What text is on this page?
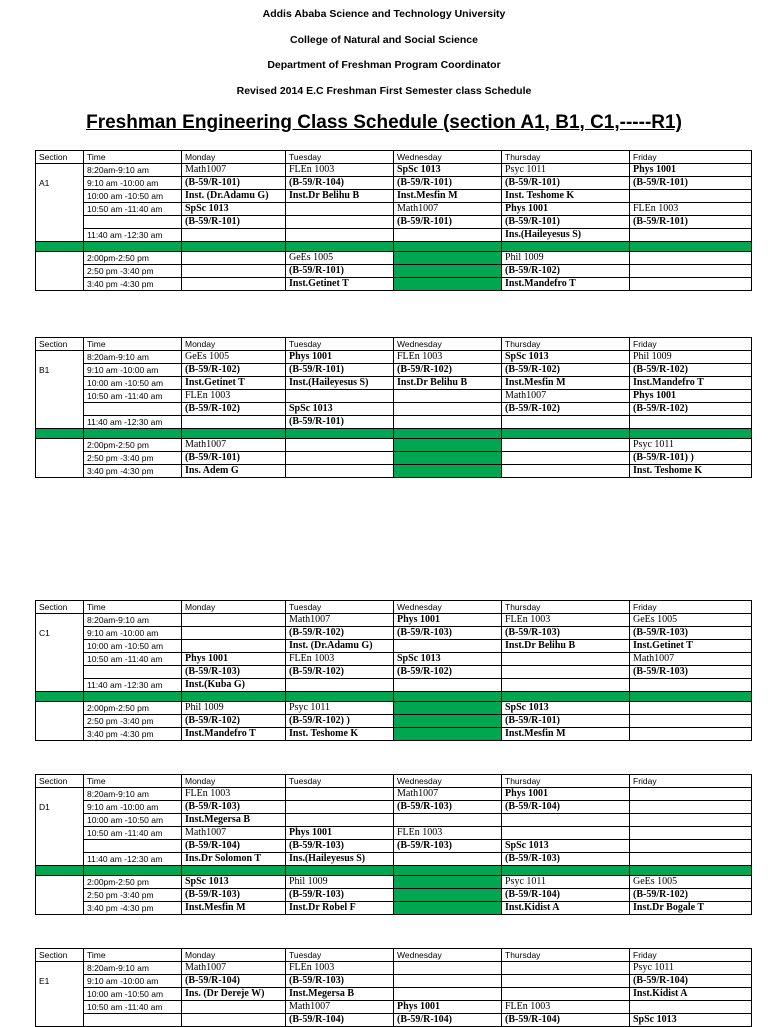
Addis Ababa Science and Technology University
College of Natural and Social Science
Department of Freshman Program Coordinator
Revised 2014 E.C Freshman First Semester class Schedule
Freshman Engineering Class Schedule (section A1, B1, C1,-----R1)
Section	Time	Monday	Tuesday	Wednesday	Thursday	Friday
	8:20am-9:10 am	Math1007	FLEn 1003	SpSc 1013	Psyc 1011	Phys 1001
A1	9:10 am -10:00 am	(B-59/R-101)	(B-59/R-104)	(B-59/R-101)	(B-59/R-101)	(B-59/R-101)
	10:00 am -10:50 am	Inst. (Dr.Adamu G)	Inst.Dr Belihu B	Inst.Mesfin M	Inst. Teshome K	
	10:50 am -11:40 am	SpSc 1013		Math1007	Phys 1001	FLEn 1003
		(B-59/R-101)		(B-59/R-101)	(B-59/R-101)	(B-59/R-101)
	11:40 am -12:30 am				Ins.(Haileyesus S)	

	2:00pm-2:50 pm		GeEs 1005		Phil 1009	
	2:50 pm -3:40 pm		(B-59/R-101)		(B-59/R-102)	
	3:40 pm -4:30 pm		Inst.Getinet T		Inst.Mandefro T	
Section	Time	Monday	Tuesday	Wednesday	Thursday	Friday
	8:20am-9:10 am	GeEs 1005	Phys 1001	FLEn 1003	SpSc 1013	Phil 1009
B1	9:10 am -10:00 am	(B-59/R-102)	(B-59/R-101)	(B-59/R-102)	(B-59/R-102)	(B-59/R-102)
	10:00 am -10:50 am	Inst.Getinet T	Inst.(Haileyesus S)	Inst.Dr Belihu B	Inst.Mesfin M	Inst.Mandefro T
	10:50 am -11:40 am	FLEn 1003			Math1007	Phys 1001
		(B-59/R-102)	SpSc 1013		(B-59/R-102)	(B-59/R-102)
	11:40 am -12:30 am		(B-59/R-101)			

	2:00pm-2:50 pm	Math1007				Psyc 1011
	2:50 pm -3:40 pm	(B-59/R-101)				(B-59/R-101) )
	3:40 pm -4:30 pm	Ins. Adem G				Inst. Teshome K
Section	Time	Monday	Tuesday	Wednesday	Thursday	Friday
	8:20am-9:10 am		Math1007	Phys 1001	FLEn 1003	GeEs 1005
C1	9:10 am -10:00 am		(B-59/R-102)	(B-59/R-103)	(B-59/R-103)	(B-59/R-103)
	10:00 am -10:50 am		Inst. (Dr.Adamu G)		Inst.Dr Belihu B	Inst.Getinet T
	10:50 am -11:40 am	Phys 1001	FLEn 1003	SpSc 1013		Math1007
		(B-59/R-103)	(B-59/R-102)	(B-59/R-102)		(B-59/R-103)
	11:40 am -12:30 am	Inst.(Kuba G)				

	2:00pm-2:50 pm	Phil 1009	Psyc 1011		SpSc 1013	
	2:50 pm -3:40 pm	(B-59/R-102)	(B-59/R-102) )		(B-59/R-101)	
	3:40 pm -4:30 pm	Inst.Mandefro T	Inst. Teshome K		Inst.Mesfin M	
Section	Time	Monday	Tuesday	Wednesday	Thursday	Friday
	8:20am-9:10 am	FLEn 1003		Math1007	Phys 1001	
D1	9:10 am -10:00 am	(B-59/R-103)		(B-59/R-103)	(B-59/R-104)	
	10:00 am -10:50 am	Inst.Megersa B				
	10:50 am -11:40 am	Math1007	Phys 1001	FLEn 1003		
		(B-59/R-104)	(B-59/R-103)	(B-59/R-103)	SpSc 1013	
	11:40 am -12:30 am	Ins.Dr Solomon T	Ins.(Haileyesus S)		(B-59/R-103)	

	2:00pm-2:50 pm	SpSc 1013	Phil 1009		Psyc 1011	GeEs 1005
	2:50 pm -3:40 pm	(B-59/R-103)	(B-59/R-103)		(B-59/R-104)	(B-59/R-102)
	3:40 pm -4:30 pm	Inst.Mesfin M	Inst.Dr Robel F		Inst.Kidist A	Inst.Dr Bogale T
Section	Time	Monday	Tuesday	Wednesday	Thursday	Friday
	8:20am-9:10 am	Math1007	FLEn 1003			Psyc 1011
E1	9:10 am -10:00 am	(B-59/R-104)	(B-59/R-103)			(B-59/R-104)
	10:00 am -10:50 am	Ins. (Dr Dereje W)	Inst.Megersa B			Inst.Kidist A
	10:50 am -11:40 am		Math1007	Phys 1001	FLEn 1003	
			(B-59/R-104)	(B-59/R-104)	(B-59/R-104)	SpSc 1013
